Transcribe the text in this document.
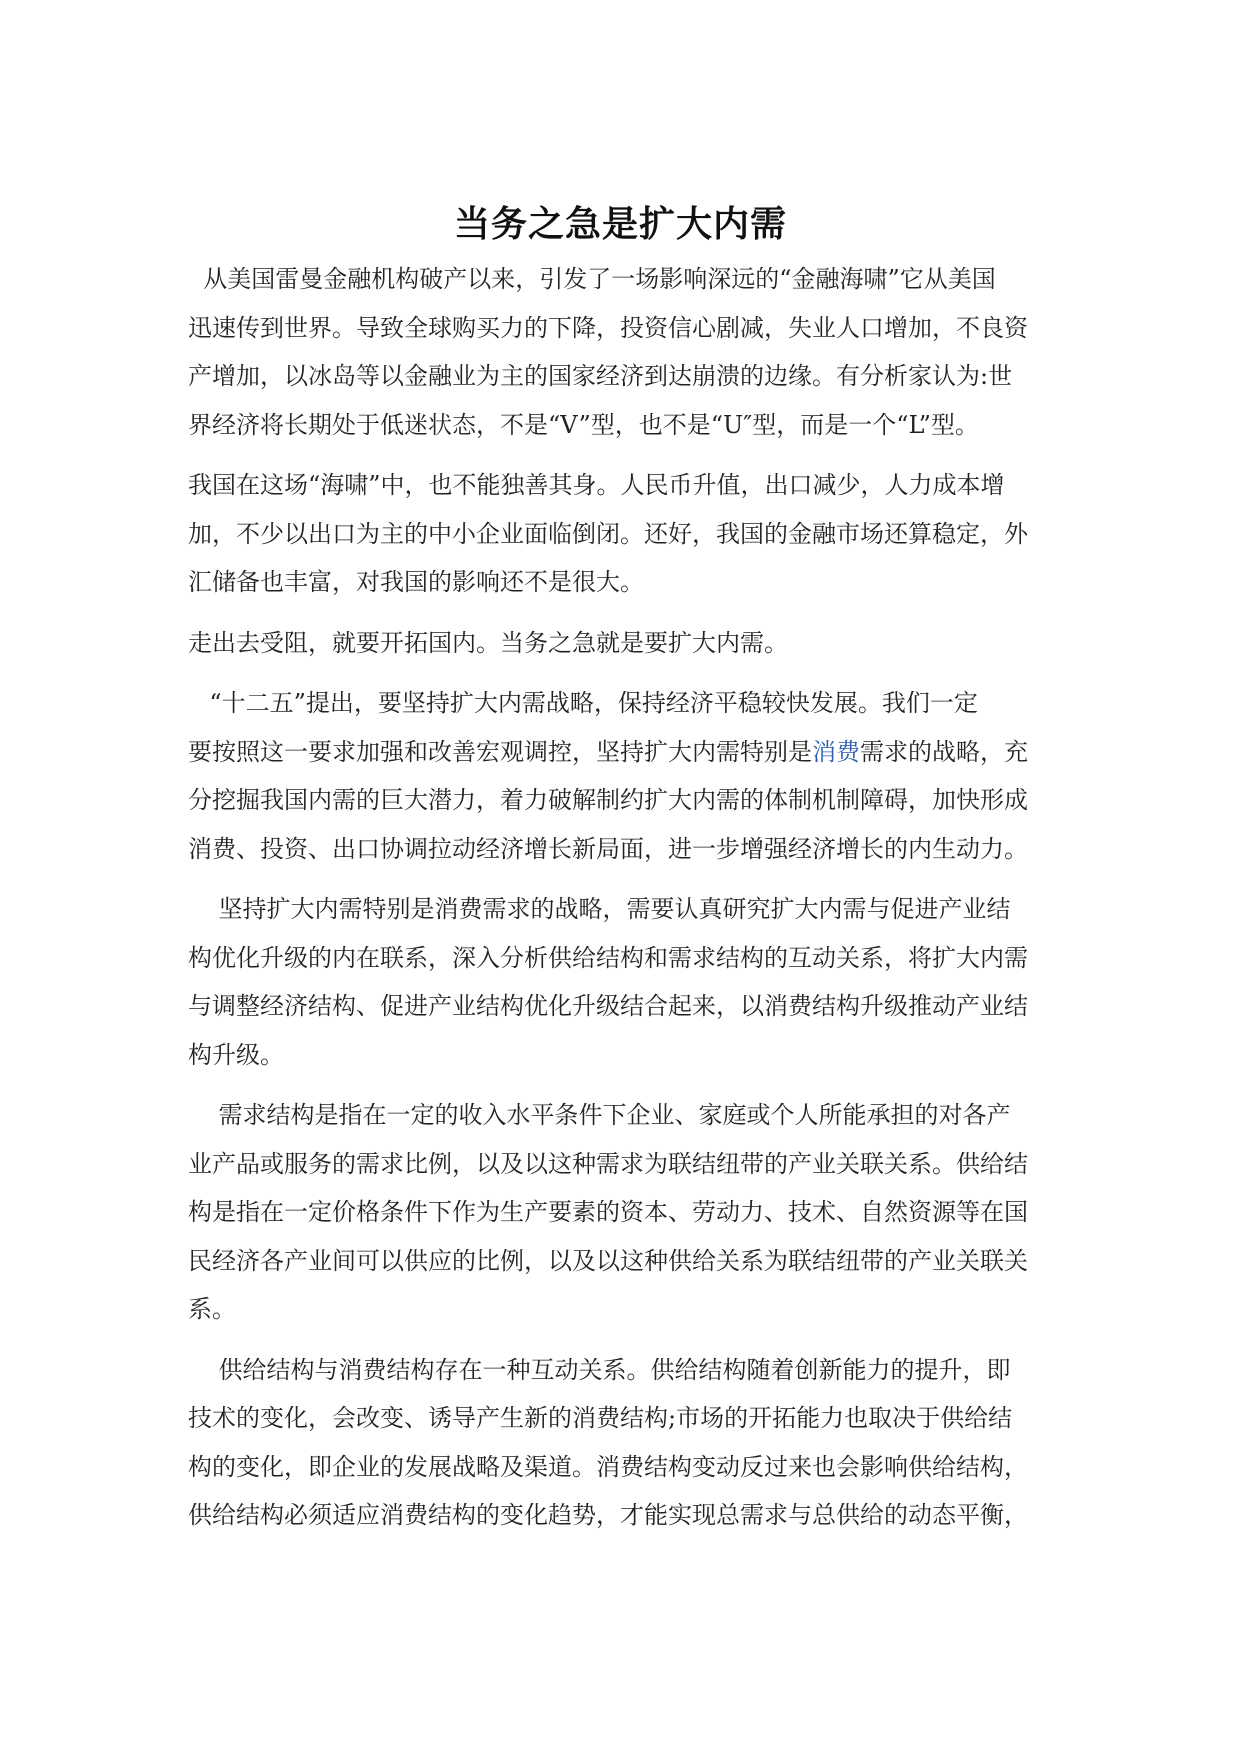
当务之急是扩大内需
从美国雷曼金融机构破产以来，引发了一场影响深远的“金融海啸”它从美国
迅速传到世界。导致全球购买力的下降，投资信心剧减，失业人口增加，不良资
产增加，以冰岛等以金融业为主的国家经济到达崩溃的边缘。有分析家认为:世
界经济将长期处于低迷状态，不是“V”型，也不是“U″型，而是一个“L”型。
我国在这场“海啸”中，也不能独善其身。人民币升值，出口减少，人力成本增
加，不少以出口为主的中小企业面临倒闭。还好，我国的金融市场还算稳定，外
汇储备也丰富，对我国的影响还不是很大。
走出去受阻，就要开拓国内。当务之急就是要扩大内需。
“十二五”提出，要坚持扩大内需战略，保持经济平稳较快发展。我们一定
要按照这一要求加强和改善宏观调控，坚持扩大内需特别是消费需求的战略，充
分挖掘我国内需的巨大潜力，着力破解制约扩大内需的体制机制障碍，加快形成
消费、投资、出口协调拉动经济增长新局面，进一步增强经济增长的内生动力。
坚持扩大内需特别是消费需求的战略，需要认真研究扩大内需与促进产业结
构优化升级的内在联系，深入分析供给结构和需求结构的互动关系，将扩大内需
与调整经济结构、促进产业结构优化升级结合起来，以消费结构升级推动产业结
构升级。
需求结构是指在一定的收入水平条件下企业、家庭或个人所能承担的对各产
业产品或服务的需求比例，以及以这种需求为联结纽带的产业关联关系。供给结
构是指在一定价格条件下作为生产要素的资本、劳动力、技术、自然资源等在国
民经济各产业间可以供应的比例，以及以这种供给关系为联结纽带的产业关联关
系。
供给结构与消费结构存在一种互动关系。供给结构随着创新能力的提升，即
技术的变化，会改变、诱导产生新的消费结构;市场的开拓能力也取决于供给结
构的变化，即企业的发展战略及渠道。消费结构变动反过来也会影响供给结构，
供给结构必须适应消费结构的变化趋势，才能实现总需求与总供给的动态平衡，
